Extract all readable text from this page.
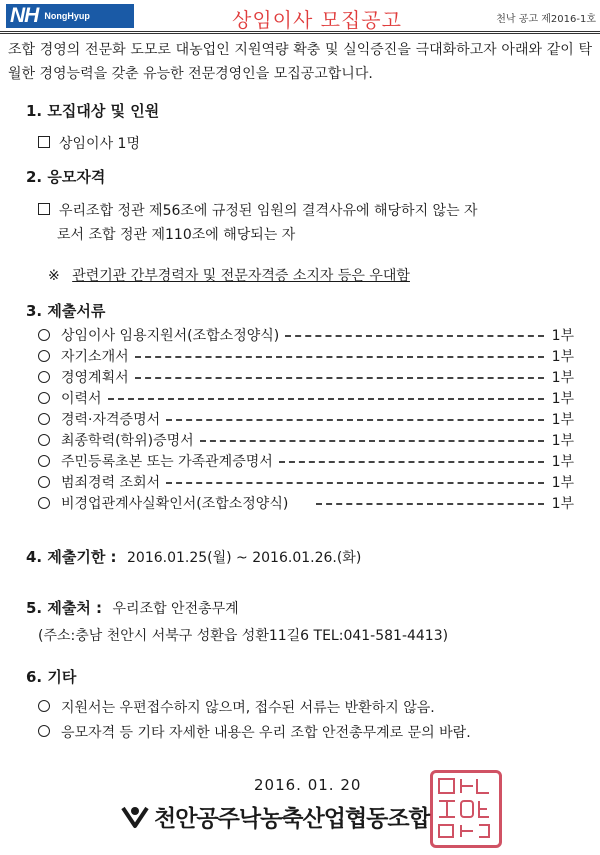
NH NongHyup	상임이사 모집공고	천낙 공고 제2016-1호
조합 경영의 전문화 도모로 대농업인 지원역량 확충 및 실익증진을 극대화하고자 아래와 같이 탁월한 경영능력을 갖춘 유능한 전문경영인을 모집공고합니다.
1. 모집대상 및 인원
상임이사 1명
2. 응모자격
우리조합 정관 제56조에 규정된 임원의 결격사유에 해당하지 않는 자
로서 조합 정관 제110조에 해당되는 자
※ 관련기관 간부경력자 및 전문자격증 소지자 등은 우대함
3. 제출서류
상임이사 임용지원서(조합소정양식)	1부
자기소개서	1부
경영계획서	1부
이력서	1부
경력·자격증명서	1부
최종학력(학위)증명서	1부
주민등록초본 또는 가족관계증명서	1부
범죄경력 조회서	1부
비경업관계사실확인서(조합소정양식)	1부
4. 제출기한 : 2016.01.25(월) ~ 2016.01.26.(화)
5. 제출처 : 우리조합 안전총무계
(주소:충남 천안시 서북구 성환읍 성환11길6 TEL:041-581-4413)
6. 기타
지원서는 우편접수하지 않으며, 접수된 서류는 반환하지 않음.
응모자격 등 기타 자세한 내용은 우리 조합 안전총무계로 문의 바람.
2016. 01. 20
천안공주낙농축산업협동조합
